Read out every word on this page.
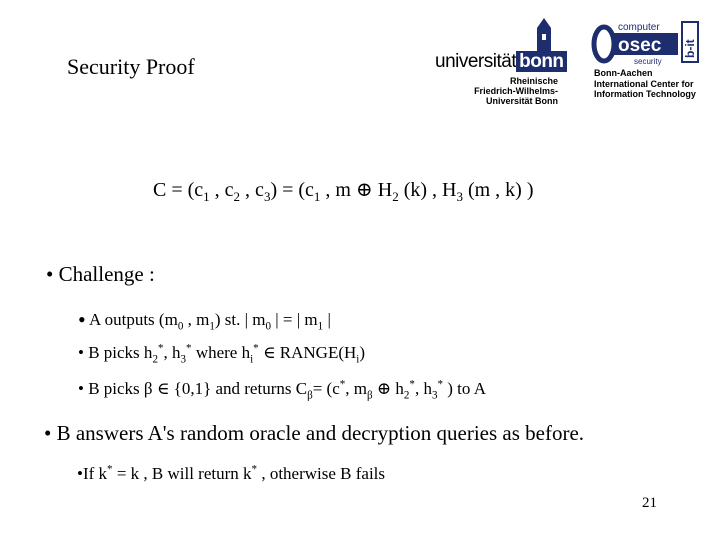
Security Proof	universität bonn
Rheinische
Friedrich-Wilhelms-
Universität Bonn
computer
osec
security
b-it
Bonn-Aachen
International Center for
Information Technology
$C = (c_1$ , $c_2$ , $c_3) = (c_1$ , m ⊕ $H_2$ (k) , $H_3$ (m , k) )
• Challenge :
• A outputs ($m_0$ , $m_1$) st. | $m_0$ | = | $m_1$ |
• B picks $h_2^*$, $h_3^*$ where $h_i^*$ ∈ $RANGE(H_i)$
• B picks β ∈ {0,1} and returns $C_\beta= (c^*$, $m_\beta$ ⊕ $h_2^*$, $h_3^*$ ) to A
• B answers A's random oracle and decryption queries as before.
•If k* = k , B will return k* , otherwise B fails
21
